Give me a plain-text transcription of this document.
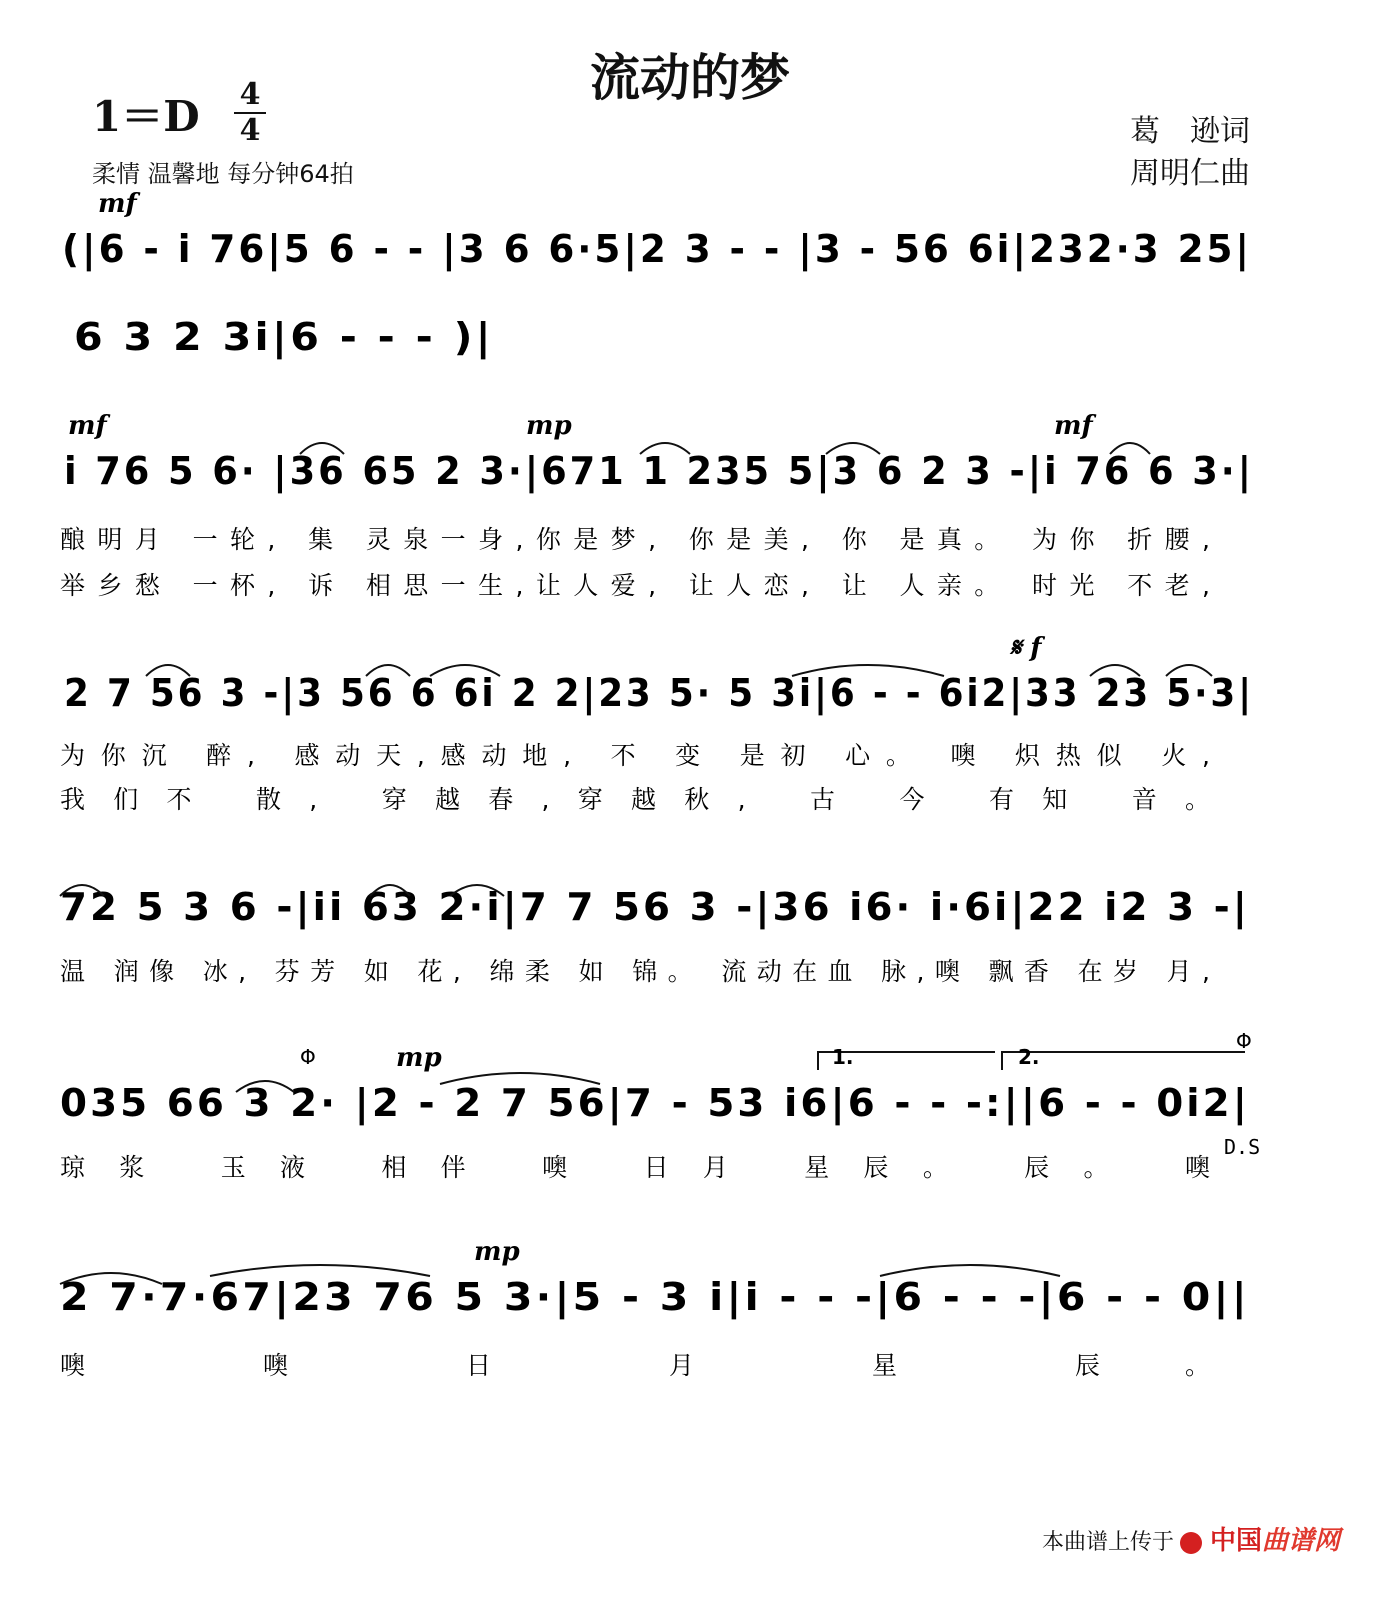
流动的梦
1＝D 4
4
柔情 温馨地 每分钟64拍
葛　逊词
周明仁曲
(|6 - i 76|5 6 - - |3 6 6·5|2 3 - - |3 - 56 6i|232·3 25|
mf
6 3 2 3i|6 - - - )|
i 76 5 6· |36 65 2 3·|671 1 235 5|3 6 2 3 -|i 76 6 3·|
mf	mp	mf
酿明月 一轮, 集 灵泉一身,你是梦, 你是美, 你 是真。 为你 折腰,
举乡愁 一杯, 诉 相思一生,让人爱, 让人恋, 让 人亲。 时光 不老,
2 7 56 3 -|3 56 6 6i 2 2|23 5· 5 3i|6 - - 6i2|33 23 5·3|
𝄋 f
为你沉 醉, 感动天,感动地, 不 变 是初 心。 噢 炽热似 火,
我们不 散, 穿越春,穿越秋, 古 今 有知 音。
72 5 3 6 -|ii 63 2·i|7 7 56 3 -|36 i6· i·6i|22 i2 3 -|
温 润像 冰, 芬芳 如 花, 绵柔 如 锦。 流动在血 脉,噢 飘香 在岁 月,
035 66 3 2· |2 - 2 7 56|7 - 53 i6|6 - - -:||6 - - 0i2|
mp
琼浆 玉液 相伴 噢 日月 星辰。 辰。 噢
1.	2.
Φ
Φ
D.S
2 7·7·67|23 76 5 3·|5 - 3 i|i - - -|6 - - -|6 - - 0||
mp
噢 噢 日 月 星 辰。
本曲谱上传于 中国曲谱网
